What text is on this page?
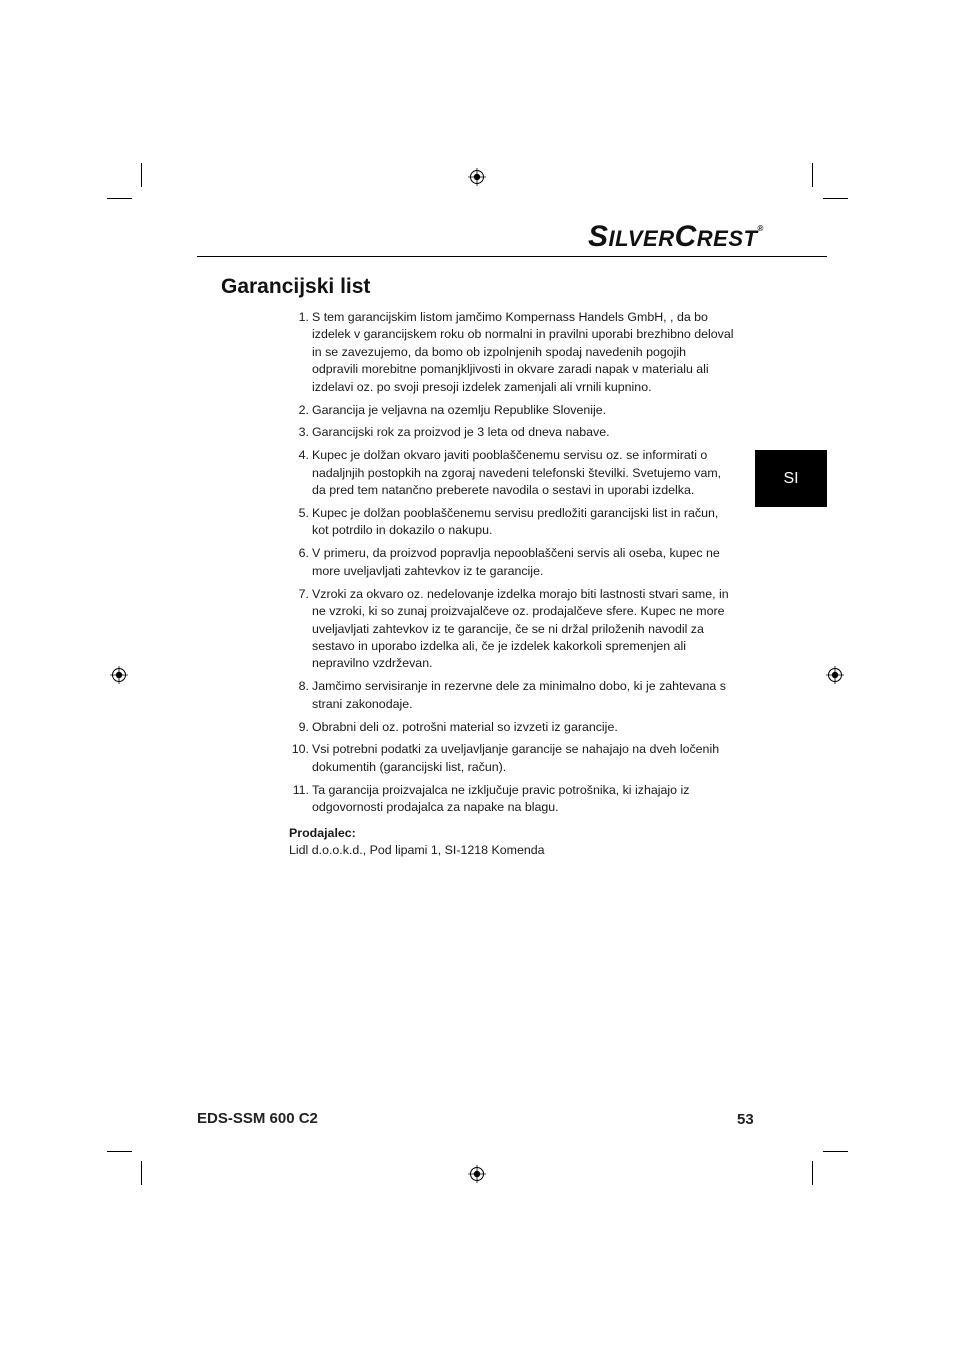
SILVERCREST®
Garancijski list
SI
1. S tem garancijskim listom jamčimo Kompernass Handels GmbH, , da bo izdelek v garancijskem roku ob normalni in pravilni uporabi brezhibno deloval in se zavezujemo, da bomo ob izpolnjenih spodaj navedenih pogojih odpravili morebitne pomanjkljivosti in okvare zaradi napak v materialu ali izdelavi oz. po svoji presoji izdelek zamenjali ali vrnili kupnino.
2. Garancija je veljavna na ozemlju Republike Slovenije.
3. Garancijski rok za proizvod je 3 leta od dneva nabave.
4. Kupec je dolžan okvaro javiti pooblaščenemu servisu oz. se informirati o nadaljnjih postopkih na zgoraj navedeni telefonski številki. Svetujemo vam, da pred tem natančno preberete navodila o sestavi in uporabi izdelka.
5. Kupec je dolžan pooblaščenemu servisu predložiti garancijski list in račun, kot potrdilo in dokazilo o nakupu.
6. V primeru, da proizvod popravlja nepooblaščeni servis ali oseba, kupec ne more uveljavljati zahtevkov iz te garancije.
7. Vzroki za okvaro oz. nedelovanje izdelka morajo biti lastnosti stvari same, in ne vzroki, ki so zunaj proizvajalčeve oz. prodajalčeve sfere. Kupec ne more uveljavljati zahtevkov iz te garancije, če se ni držal priloženih navodil za sestavo in uporabo izdelka ali, če je izdelek kakorkoli spremenjen ali nepravilno vzdrževan.
8. Jamčimo servisiranje in rezervne dele za minimalno dobo, ki je zahtevana s strani zakonodaje.
9. Obrabni deli oz. potrošni material so izvzeti iz garancije.
10. Vsi potrebni podatki za uveljavljanje garancije se nahajajo na dveh ločenih dokumentih (garancijski list, račun).
11. Ta garancija proizvajalca ne izključuje pravic potrošnika, ki izhajajo iz odgovornosti prodajalca za napake na blagu.
Prodajalec:
Lidl d.o.o.k.d., Pod lipami 1, SI-1218 Komenda
EDS-SSM 600 C2	53
